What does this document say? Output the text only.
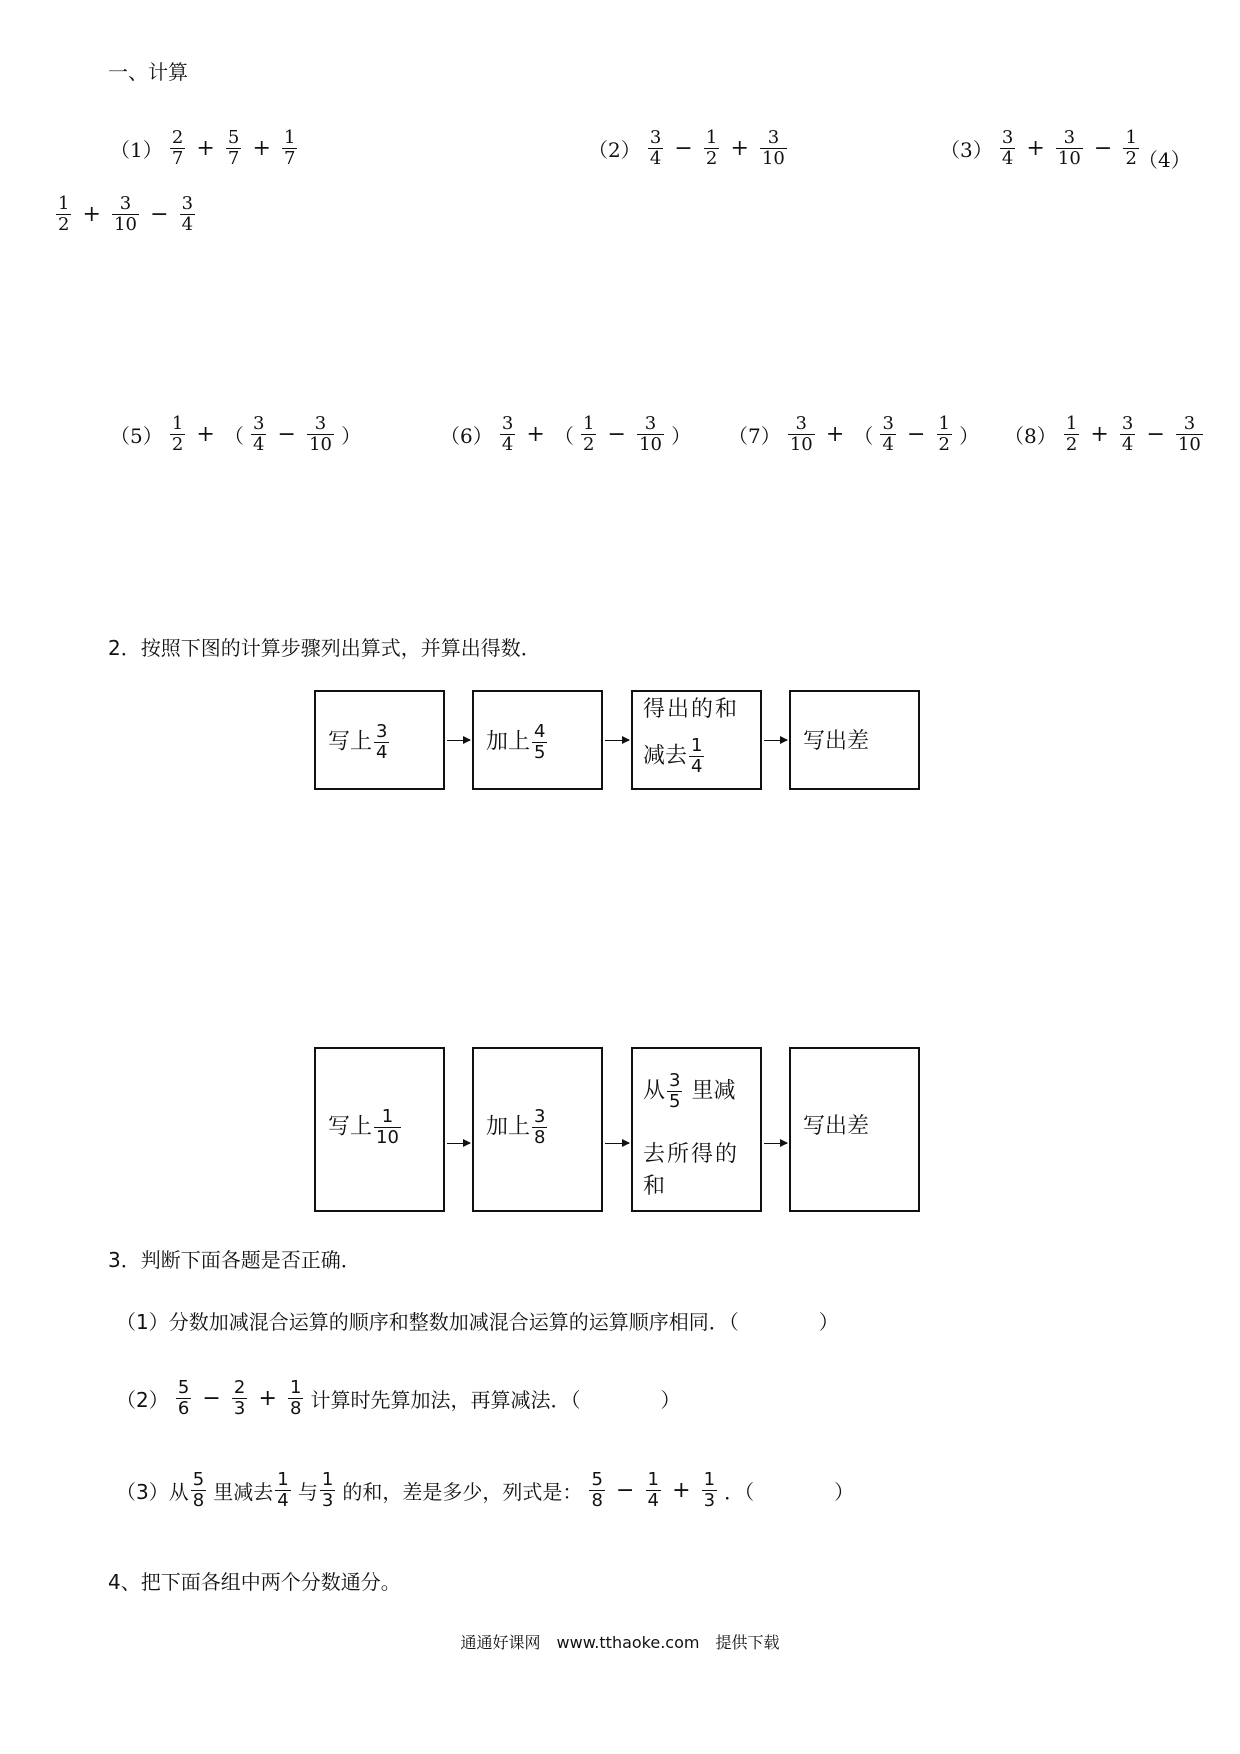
一、计算
$(1) \frac{2}{7} + \frac{5}{7} + \frac{1}{7}$	$(2) \frac{3}{4} - \frac{1}{2} + \frac{3}{10}$	$(3) \frac{3}{4} + \frac{3}{10} - \frac{1}{2} (4)$
$\frac{1}{2} + \frac{3}{10} - \frac{3}{4}$
$(5) \frac{1}{2}$ + （ $\frac{3}{4} - \frac{3}{10}$ ）	$(6) \frac{3}{4}$ + （ $\frac{1}{2} - \frac{3}{10}$ ） $(7) \frac{3}{10}$ + （ $\frac{3}{4} - \frac{1}{2}$ ） $(8) \frac{1}{2} + \frac{3}{4} - \frac{3}{10}$
2．按照下图的计算步骤列出算式，并算出得数．
写上 $\frac{3}{4}$	加上 $\frac{4}{5}$
得出的和
减去 $\frac{1}{4}$	写出差
写上 $\frac{1}{10}$	加上 $\frac{3}{8}$
从 $\frac{3}{5}$ 里减
去所得的
和
写出差
3．判断下面各题是否正确．
（1）分数加减混合运算的顺序和整数加减混合运算的运算顺序相同．（　　　　）
$(2) \frac{5}{6} - \frac{2}{3} + \frac{1}{8}$ 计算时先算加法，再算减法．（　　　　）
（3）从 $\frac{5}{8}$ 里减去 $\frac{1}{4}$ 与 $\frac{1}{3}$ 的和，差是多少，列式是： $\frac{5}{8} - \frac{1}{4} + \frac{1}{3}$ ．（　　　　）
4、把下面各组中两个分数通分。
通通好课网　www.tthaoke.com　提供下载
